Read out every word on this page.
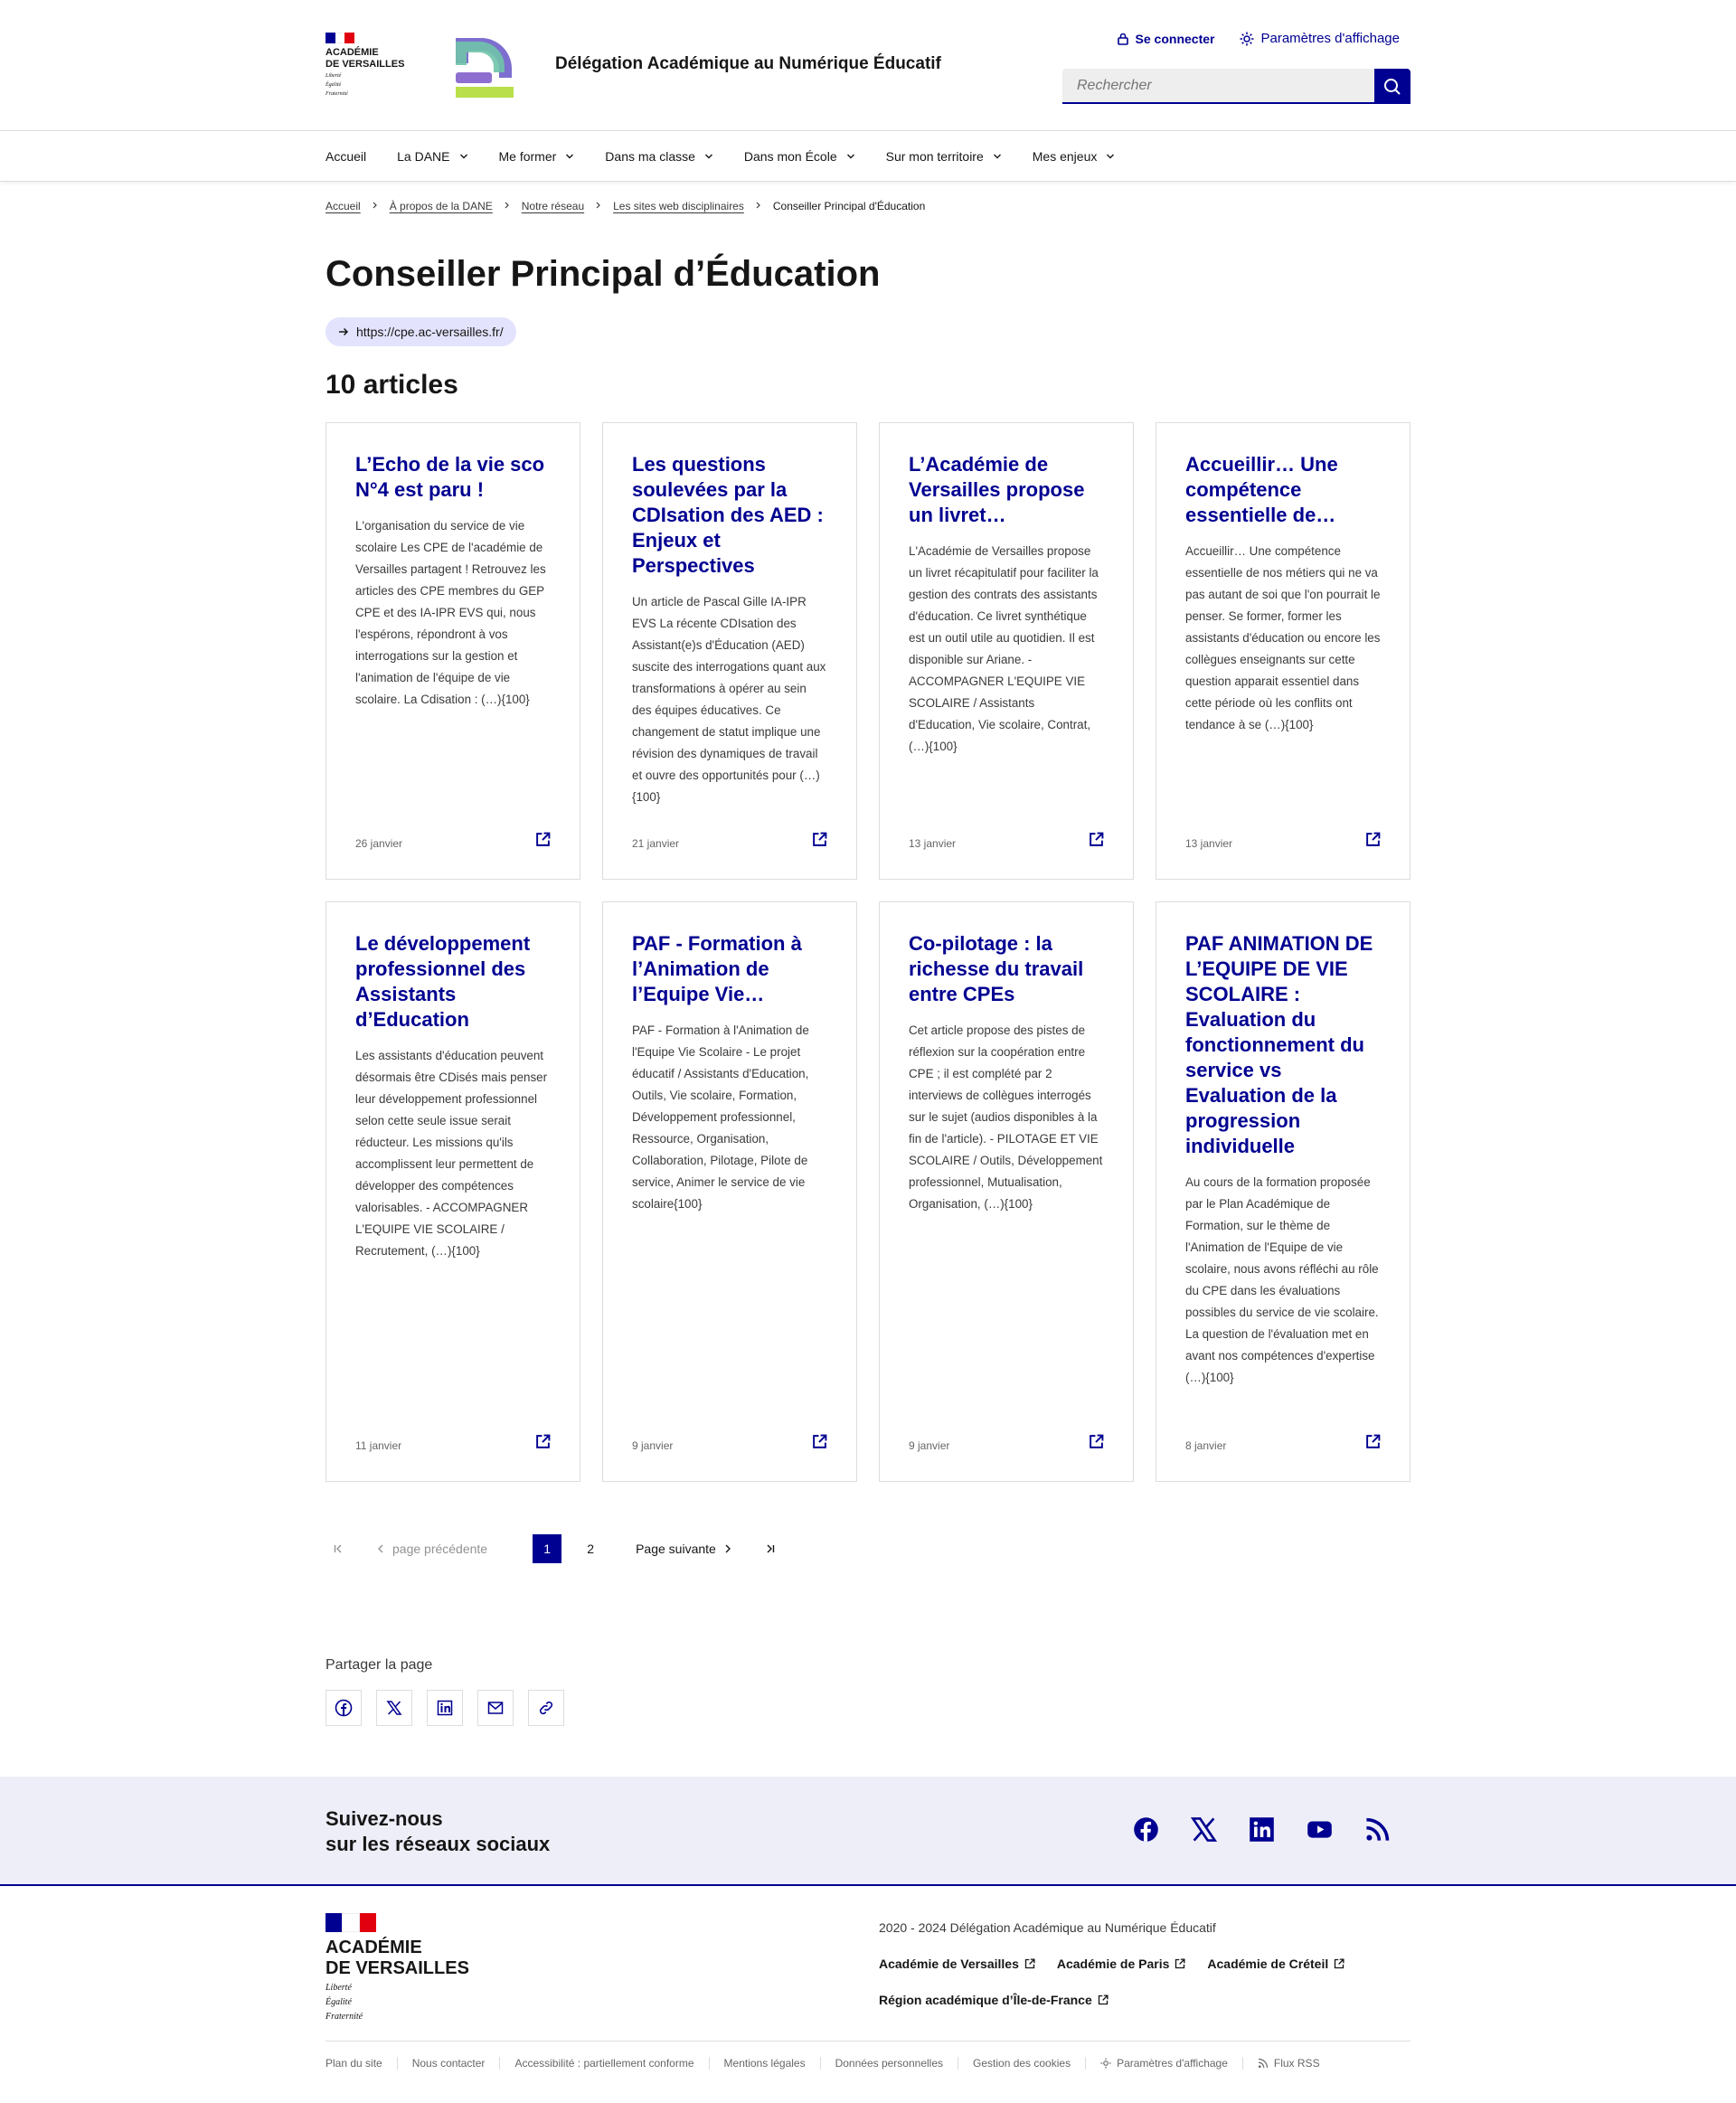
ACADÉMIE
DE VERSAILLES
Liberté
Égalité
Fraternité
Délégation Académique au Numérique Éducatif
Se connecter	Paramètres d'affichage
Rechercher
Accueil La DANE	Me former	Dans ma classe	Dans mon École	Sur mon territoire	Mes enjeux
Accueil	À propos de la DANE	Notre réseau	Les sites web disciplinaires	Conseiller Principal d'Éducation
Conseiller Principal d’Éducation
https://cpe.ac-versailles.fr/
10 articles
L’Echo de la vie sco N°4 est paru !
L'organisation du service de vie scolaire Les CPE de l'académie de Versailles partagent ! Retrouvez les articles des CPE membres du GEP CPE et des IA-IPR EVS qui, nous l'espérons, répondront à vos interrogations sur la gestion et l'animation de l'équipe de vie scolaire. La Cdisation : (…){100}
26 janvier
Les questions soulevées par la CDIsation des AED : Enjeux et Perspectives
Un article de Pascal Gille IA-IPR EVS La récente CDIsation des Assistant(e)s d'Éducation (AED) suscite des interrogations quant aux transformations à opérer au sein des équipes éducatives. Ce changement de statut implique une révision des dynamiques de travail et ouvre des opportunités pour (…){100}
21 janvier
L’Académie de Versailles propose un livret…
L'Académie de Versailles propose un livret récapitulatif pour faciliter la gestion des contrats des assistants d'éducation. Ce livret synthétique est un outil utile au quotidien. Il est disponible sur Ariane. - ACCOMPAGNER L'EQUIPE VIE SCOLAIRE / Assistants d'Education, Vie scolaire, Contrat, (…){100}
13 janvier
Accueillir… Une compétence essentielle de…
Accueillir… Une compétence essentielle de nos métiers qui ne va pas autant de soi que l'on pourrait le penser. Se former, former les assistants d'éducation ou encore les collègues enseignants sur cette question apparait essentiel dans cette période où les conflits ont tendance à se (…){100}
13 janvier
Le développement professionnel des Assistants d’Education
Les assistants d'éducation peuvent désormais être CDisés mais penser leur développement professionnel selon cette seule issue serait réducteur. Les missions qu'ils accomplissent leur permettent de développer des compétences valorisables. - ACCOMPAGNER L'EQUIPE VIE SCOLAIRE / Recrutement, (…){100}
11 janvier
PAF - Formation à l’Animation de l’Equipe Vie…
PAF - Formation à l'Animation de l'Equipe Vie Scolaire - Le projet éducatif / Assistants d'Education, Outils, Vie scolaire, Formation, Développement professionnel, Ressource, Organisation, Collaboration, Pilotage, Pilote de service, Animer le service de vie scolaire{100}
9 janvier
Co-pilotage : la richesse du travail entre CPEs
Cet article propose des pistes de réflexion sur la coopération entre CPE ; il est complété par 2 interviews de collègues interrogés sur le sujet (audios disponibles à la fin de l'article). - PILOTAGE ET VIE SCOLAIRE / Outils, Développement professionnel, Mutualisation, Organisation, (…){100}
9 janvier
PAF ANIMATION DE L’EQUIPE DE VIE SCOLAIRE : Evaluation du fonctionnement du service vs Evaluation de la progression individuelle
Au cours de la formation proposée par le Plan Académique de Formation, sur le thème de l'Animation de l'Equipe de vie scolaire, nous avons réfléchi au rôle du CPE dans les évaluations possibles du service de vie scolaire. La question de l'évaluation met en avant nos compétences d'expertise (…){100}
8 janvier
page précédente	1	2	Page suivante
Partager la page
Suivez-nous
sur les réseaux sociaux
ACADÉMIE
DE VERSAILLES
Liberté
Égalité
Fraternité
2020 - 2024 Délégation Académique au Numérique Éducatif
Académie de Versailles	Académie de Paris	Académie de Créteil
Région académique d’Île-de-France
Plan du site	Nous contacter	Accessibilité : partiellement conforme	Mentions légales	Données personnelles	Gestion des cookies	Paramètres d'affichage	Flux RSS
